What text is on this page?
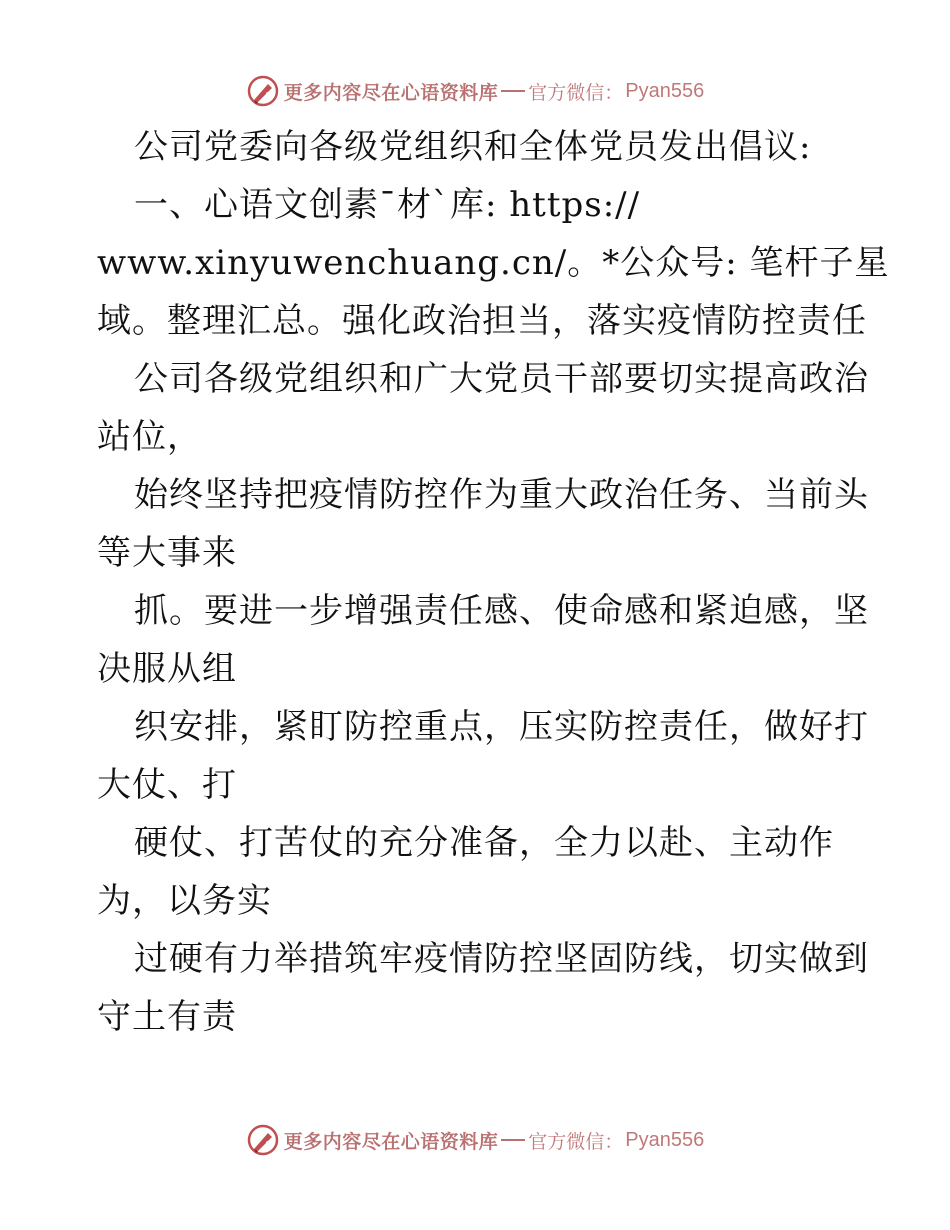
更多内容尽在心语资料库 官方微信： Pyan556
公司党委向各级党组织和全体党员发出倡议:
一、心语文创素¯材ˋ库: https://
www.xinyuwenchuang.cn/。*公众号: 笔杆子星
域。整理汇总。强化政治担当，落实疫情防控责任
公司各级党组织和广大党员干部要切实提高政治
站位，
始终坚持把疫情防控作为重大政治任务、当前头
等大事来
抓。要进一步增强责任感、使命感和紧迫感，坚
决服从组
织安排，紧盯防控重点，压实防控责任，做好打
大仗、打
硬仗、打苦仗的充分准备，全力以赴、主动作
为，以务实
过硬有力举措筑牢疫情防控坚固防线，切实做到
守土有责
更多内容尽在心语资料库 官方微信： Pyan556
